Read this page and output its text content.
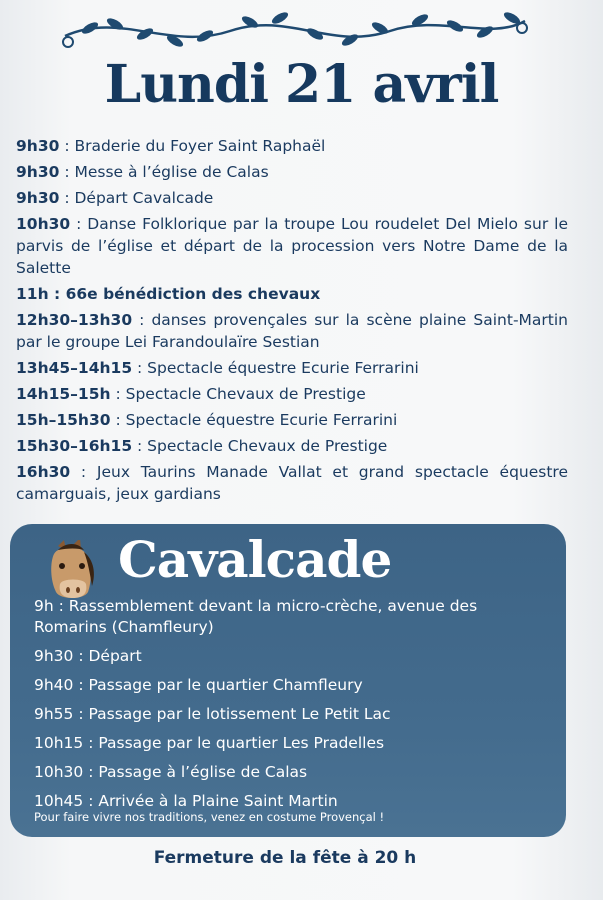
Lundi 21 avril
9h30 : Braderie du Foyer Saint Raphaël
9h30 : Messe à l’église de Calas
9h30 : Départ Cavalcade
10h30 : Danse Folklorique par la troupe Lou roudelet Del Mielo sur le parvis de l’église et départ de la procession vers Notre Dame de la Salette
11h : 66e bénédiction des chevaux
12h30–13h30 : danses provençales sur la scène plaine Saint-Martin par le groupe Lei Farandoulaïre Sestian
13h45–14h15 : Spectacle équestre Ecurie Ferrarini
14h15–15h : Spectacle Chevaux de Prestige
15h–15h30 : Spectacle équestre Ecurie Ferrarini
15h30–16h15 : Spectacle Chevaux de Prestige
16h30 : Jeux Taurins Manade Vallat et grand spectacle équestre camarguais, jeux gardians
Cavalcade
9h : Rassemblement devant la micro-crèche, avenue des Romarins (Chamfleury)
9h30 : Départ
9h40 : Passage par le quartier Chamfleury
9h55 : Passage par le lotissement Le Petit Lac
10h15 : Passage par le quartier Les Pradelles
10h30 : Passage à l’église de Calas
10h45 : Arrivée à la Plaine Saint Martin

Pour faire vivre nos traditions, venez en costume Provençal !

Fermeture de la fête à 20 h
